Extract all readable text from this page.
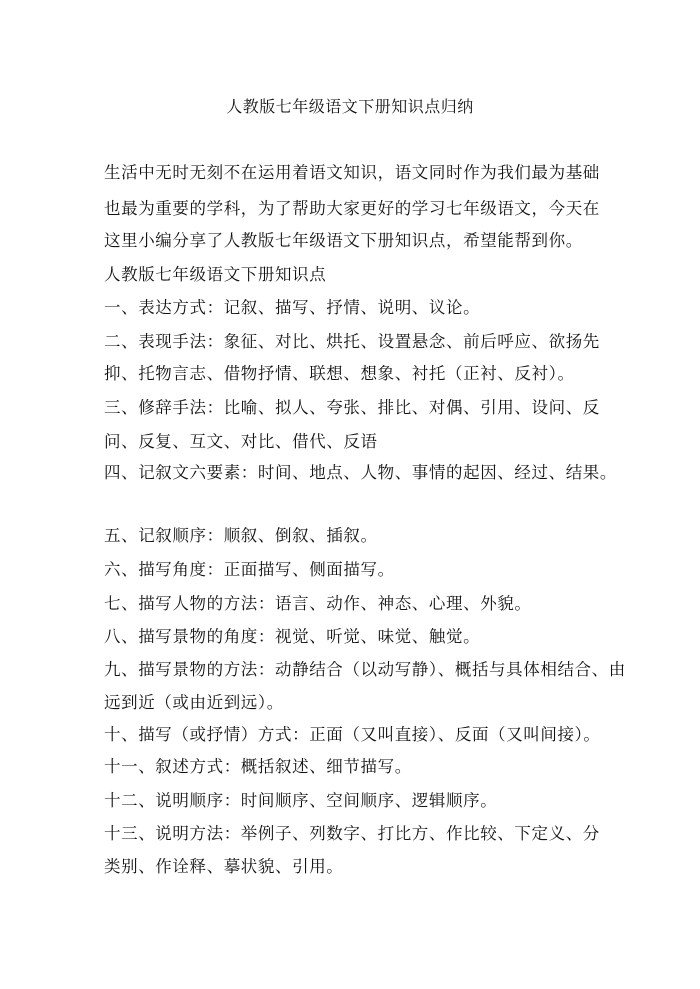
人教版七年级语文下册知识点归纳
生活中无时无刻不在运用着语文知识，语文同时作为我们最为基础
也最为重要的学科，为了帮助大家更好的学习七年级语文，今天在
这里小编分享了人教版七年级语文下册知识点，希望能帮到你。
人教版七年级语文下册知识点
一、表达方式：记叙、描写、抒情、说明、议论。
二、表现手法：象征、对比、烘托、设置悬念、前后呼应、欲扬先
抑、托物言志、借物抒情、联想、想象、衬托（正衬、反衬）。
三、修辞手法：比喻、拟人、夸张、排比、对偶、引用、设问、反
问、反复、互文、对比、借代、反语
四、记叙文六要素：时间、地点、人物、事情的起因、经过、结果。
五、记叙顺序：顺叙、倒叙、插叙。
六、描写角度：正面描写、侧面描写。
七、描写人物的方法：语言、动作、神态、心理、外貌。
八、描写景物的角度：视觉、听觉、味觉、触觉。
九、描写景物的方法：动静结合（以动写静）、概括与具体相结合、由
远到近（或由近到远）。
十、描写（或抒情）方式：正面（又叫直接）、反面（又叫间接）。
十一、叙述方式：概括叙述、细节描写。
十二、说明顺序：时间顺序、空间顺序、逻辑顺序。
十三、说明方法：举例子、列数字、打比方、作比较、下定义、分
类别、作诠释、摹状貌、引用。
